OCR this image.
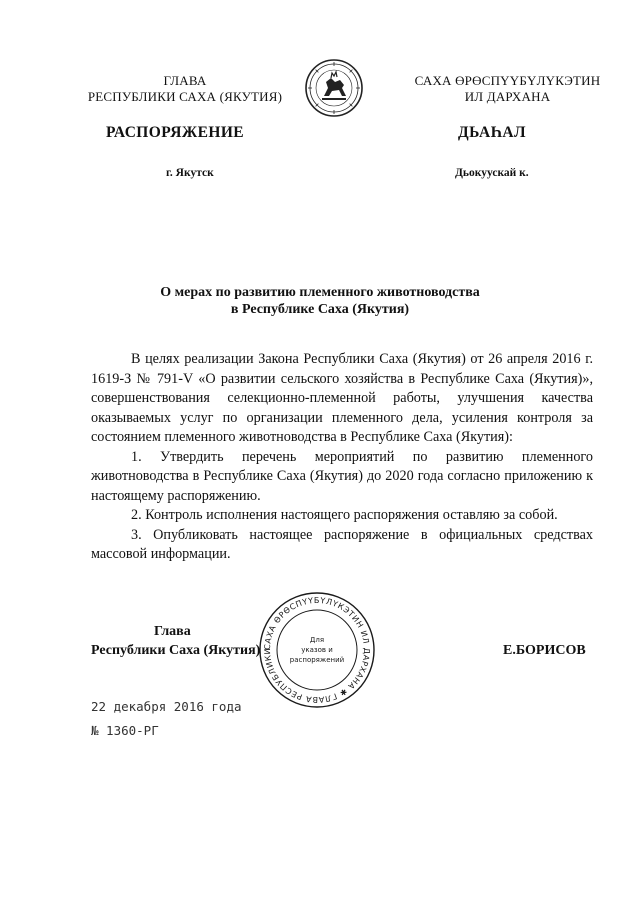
ГЛАВА
РЕСПУБЛИКИ САХА (ЯКУТИЯ)
САХА ӨРӨСПҮҮБҮЛҮКЭТИН
ИЛ ДАРХАНА
РАСПОРЯЖЕНИЕ	ДЬАҺАЛ
г. Якутск	Дьокуускай к.
О мерах по развитию племенного животноводства
в Республике Саха (Якутия)

В целях реализации Закона Республики Саха (Якутия) от 26 апреля 2016 г. 1619-З № 791-V «О развитии сельского хозяйства в Республике Саха (Якутия)», совершенствования селекционно-племенной работы, улучшения качества оказываемых услуг по организации племенного дела, усиления контроля за состоянием племенного животноводства в Республике Саха (Якутия):

1. Утвердить перечень мероприятий по развитию племенного животноводства в Республике Саха (Якутия) до 2020 года согласно приложению к настоящему распоряжению.

2. Контроль исполнения настоящего распоряжения оставляю за собой.

3. Опубликовать настоящее распоряжение в официальных средствах массовой информации.

Глава
Республики Саха (Якутия)	Е.БОРИСОВ
САХА ӨРӨСПҮҮБҮЛҮКЭТИН ИЛ ДАРХАНА ✱ ГЛАВА РЕСПУБЛИКИ
Для
указов и
распоряжений
22 декабря 2016 года
№ 1360-РГ
